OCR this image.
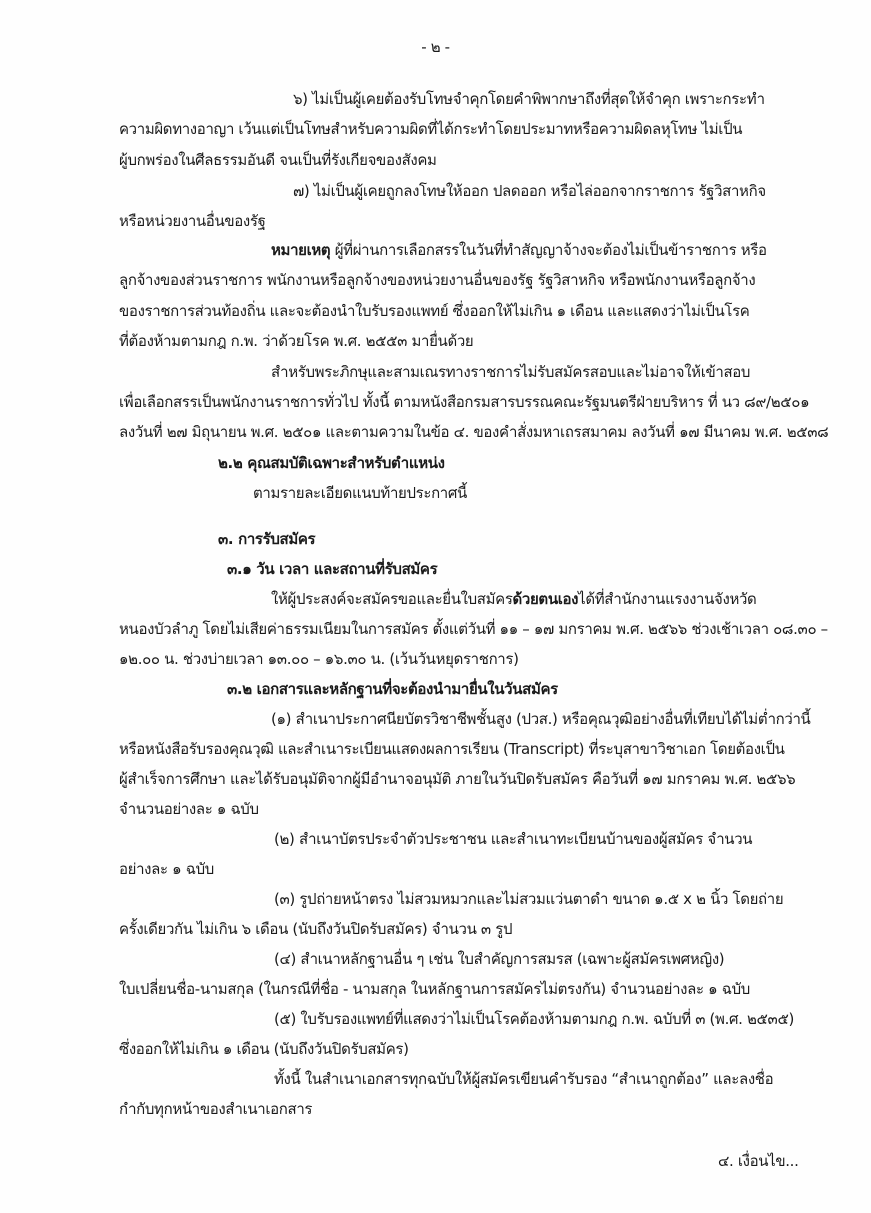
- ๒ -
๖) ไม่เป็นผู้เคยต้องรับโทษจำคุกโดยคำพิพากษาถึงที่สุดให้จำคุก เพราะกระทำ
ความผิดทางอาญา เว้นแต่เป็นโทษสำหรับความผิดที่ได้กระทำโดยประมาทหรือความผิดลหุโทษ ไม่เป็น
ผู้บกพร่องในศีลธรรมอันดี จนเป็นที่รังเกียจของสังคม
๗) ไม่เป็นผู้เคยถูกลงโทษให้ออก ปลดออก หรือไล่ออกจากราชการ รัฐวิสาหกิจ
หรือหน่วยงานอื่นของรัฐ
หมายเหตุ ผู้ที่ผ่านการเลือกสรรในวันที่ทำสัญญาจ้างจะต้องไม่เป็นข้าราชการ หรือ
ลูกจ้างของส่วนราชการ พนักงานหรือลูกจ้างของหน่วยงานอื่นของรัฐ รัฐวิสาหกิจ หรือพนักงานหรือลูกจ้าง
ของราชการส่วนท้องถิ่น และจะต้องนำใบรับรองแพทย์ ซึ่งออกให้ไม่เกิน ๑ เดือน และแสดงว่าไม่เป็นโรค
ที่ต้องห้ามตามกฎ ก.พ. ว่าด้วยโรค พ.ศ. ๒๕๕๓ มายื่นด้วย
สำหรับพระภิกษุและสามเณรทางราชการไม่รับสมัครสอบและไม่อาจให้เข้าสอบ
เพื่อเลือกสรรเป็นพนักงานราชการทั่วไป ทั้งนี้ ตามหนังสือกรมสารบรรณคณะรัฐมนตรีฝ่ายบริหาร ที่ นว ๘๙/๒๕๐๑
ลงวันที่ ๒๗ มิถุนายน พ.ศ. ๒๕๐๑ และตามความในข้อ ๔. ของคำสั่งมหาเถรสมาคม ลงวันที่ ๑๗ มีนาคม พ.ศ. ๒๕๓๘
๒.๒ คุณสมบัติเฉพาะสำหรับตำแหน่ง
ตามรายละเอียดแนบท้ายประกาศนี้
๓. การรับสมัคร
๓.๑ วัน เวลา และสถานที่รับสมัคร
ให้ผู้ประสงค์จะสมัครขอและยื่นใบสมัครด้วยตนเองได้ที่สำนักงานแรงงานจังหวัด
หนองบัวลำภู โดยไม่เสียค่าธรรมเนียมในการสมัคร ตั้งแต่วันที่ ๑๑ – ๑๗ มกราคม พ.ศ. ๒๕๖๖ ช่วงเช้าเวลา ๐๘.๓๐ –
๑๒.๐๐ น. ช่วงบ่ายเวลา ๑๓.๐๐ – ๑๖.๓๐ น. (เว้นวันหยุดราชการ)
๓.๒ เอกสารและหลักฐานที่จะต้องนำมายื่นในวันสมัคร
(๑) สำเนาประกาศนียบัตรวิชาชีพชั้นสูง (ปวส.) หรือคุณวุฒิอย่างอื่นที่เทียบได้ไม่ต่ำกว่านี้
หรือหนังสือรับรองคุณวุฒิ และสำเนาระเบียนแสดงผลการเรียน (Transcript) ที่ระบุสาขาวิชาเอก โดยต้องเป็น
ผู้สำเร็จการศึกษา และได้รับอนุมัติจากผู้มีอำนาจอนุมัติ ภายในวันปิดรับสมัคร คือวันที่ ๑๗ มกราคม พ.ศ. ๒๕๖๖
จำนวนอย่างละ ๑ ฉบับ
(๒) สำเนาบัตรประจำตัวประชาชน และสำเนาทะเบียนบ้านของผู้สมัคร จำนวน
อย่างละ ๑ ฉบับ
(๓) รูปถ่ายหน้าตรง ไม่สวมหมวกและไม่สวมแว่นตาดำ ขนาด ๑.๕ x ๒ นิ้ว โดยถ่าย
ครั้งเดียวกัน ไม่เกิน ๖ เดือน (นับถึงวันปิดรับสมัคร) จำนวน ๓ รูป
(๔) สำเนาหลักฐานอื่น ๆ เช่น ใบสำคัญการสมรส (เฉพาะผู้สมัครเพศหญิง)
ใบเปลี่ยนชื่อ-นามสกุล (ในกรณีที่ชื่อ - นามสกุล ในหลักฐานการสมัครไม่ตรงกัน) จำนวนอย่างละ ๑ ฉบับ
(๕) ใบรับรองแพทย์ที่แสดงว่าไม่เป็นโรคต้องห้ามตามกฎ ก.พ. ฉบับที่ ๓ (พ.ศ. ๒๕๓๕)
ซึ่งออกให้ไม่เกิน ๑ เดือน (นับถึงวันปิดรับสมัคร)
ทั้งนี้ ในสำเนาเอกสารทุกฉบับให้ผู้สมัครเขียนคำรับรอง “สำเนาถูกต้อง” และลงชื่อ
กำกับทุกหน้าของสำเนาเอกสาร
๔. เงื่อนไข...
